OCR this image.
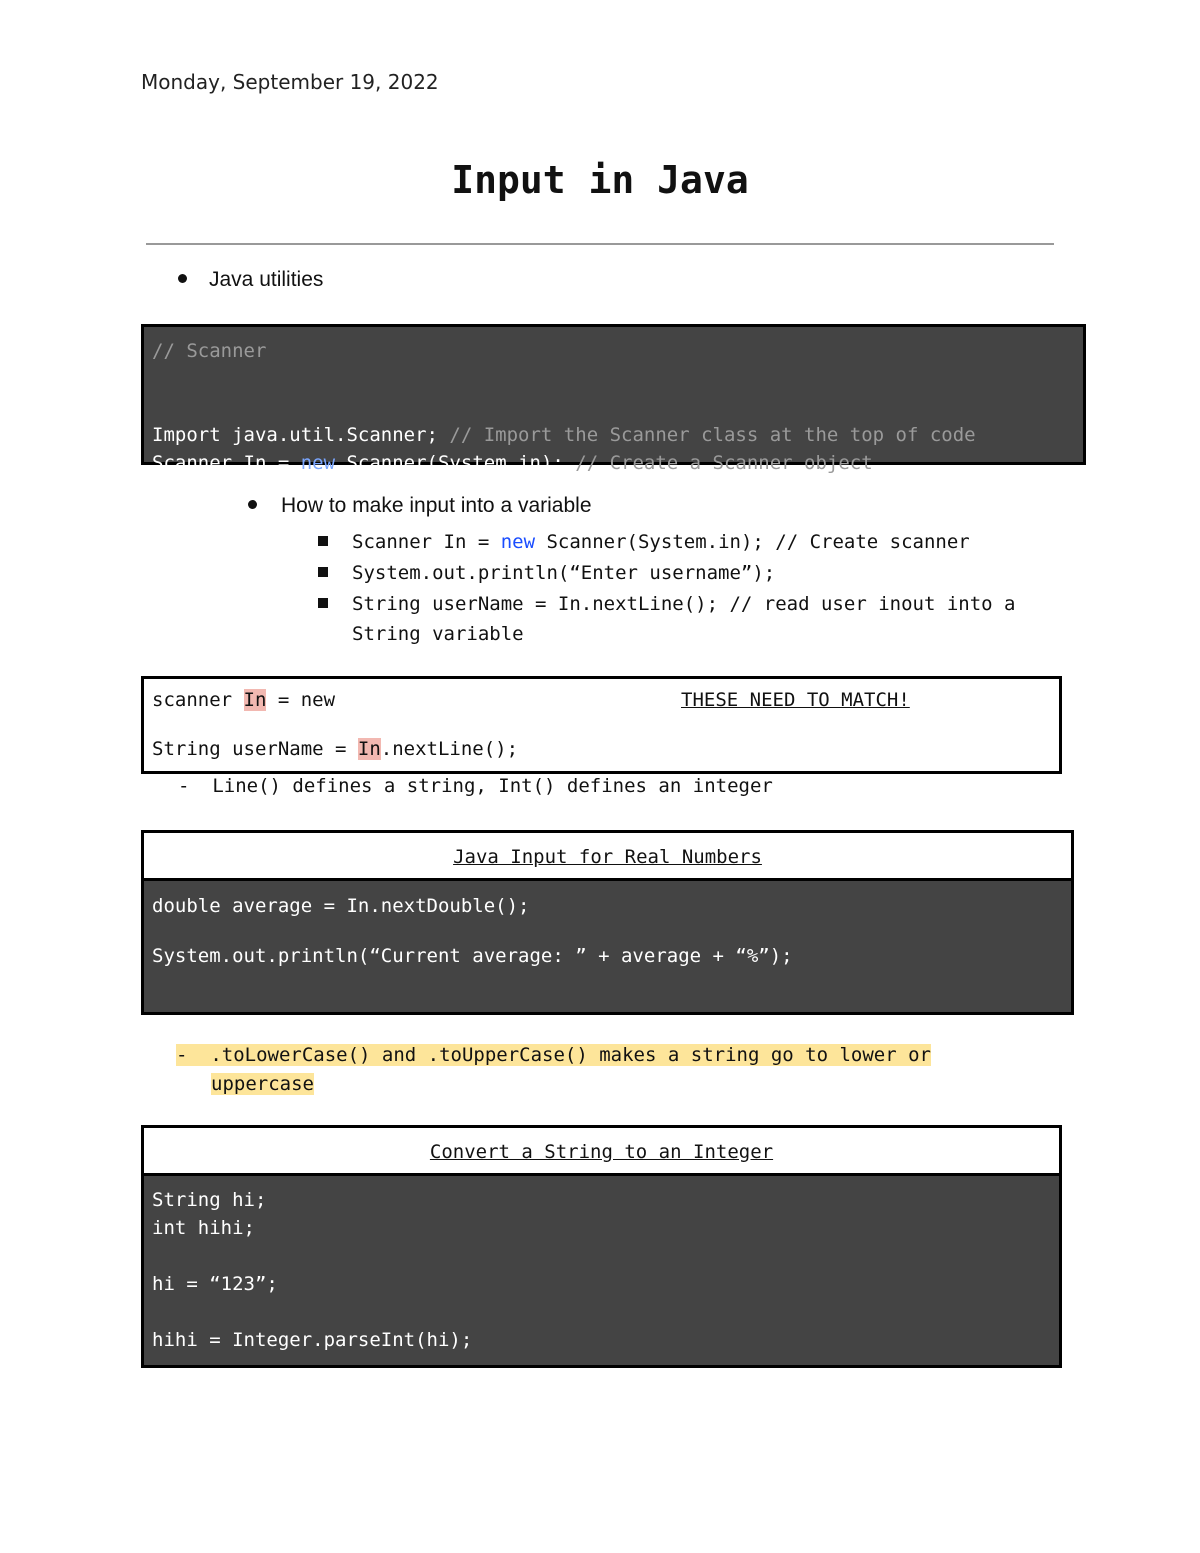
Monday, September 19, 2022
Input in Java
Java utilities
// Scanner

Import java.util.Scanner; // Import the Scanner class at the top of code
Scanner In = new Scanner(System.in); // Create a Scanner object
How to make input into a variable
Scanner In = new Scanner(System.in); // Create scanner
System.out.println(“Enter username”);
String userName = In.nextLine(); // read user inout into a
String variable
scanner In = new	THESE NEED TO MATCH!
String userName = In.nextLine();
-  Line() defines a string, Int() defines an integer
Java Input for Real Numbers
double average = In.nextDouble();
System.out.println(“Current average: ” + average + “%”);
-  .toLowerCase() and .toUpperCase() makes a string go to lower or
uppercase
Convert a String to an Integer
String hi;
int hihi;

hi = “123”;

hihi = Integer.parseInt(hi);
